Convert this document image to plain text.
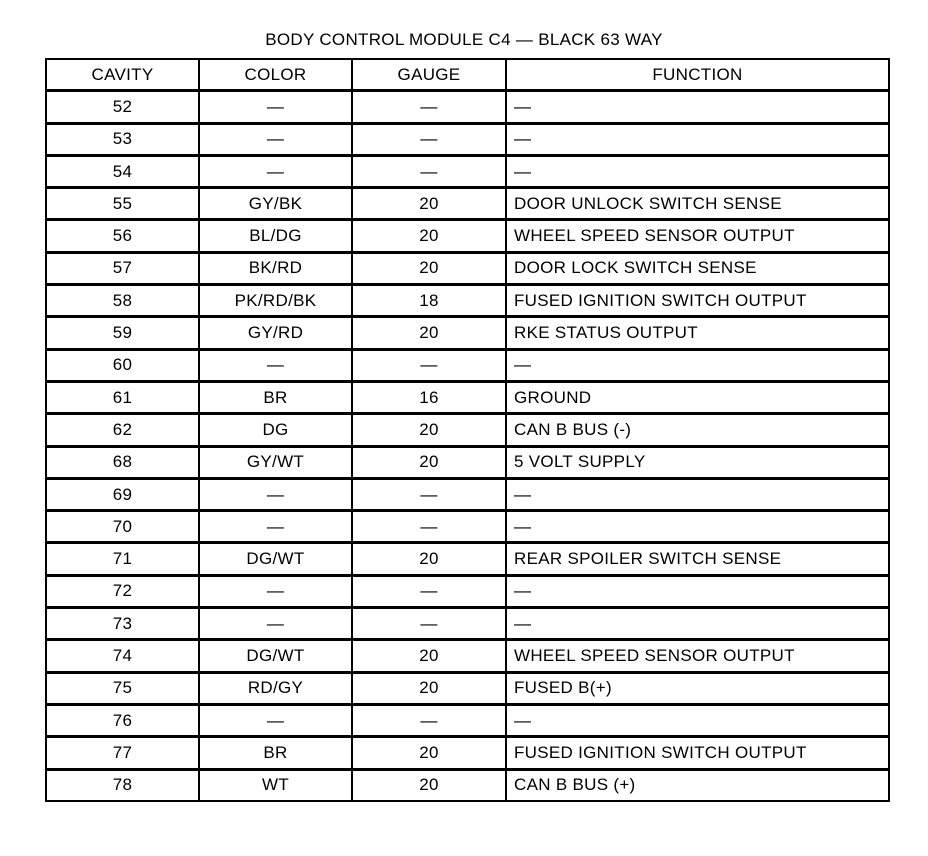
BODY CONTROL MODULE C4 — BLACK 63 WAY
CAVITY	COLOR	GAUGE	FUNCTION
52	—	—	—
53	—	—	—
54	—	—	—
55	GY/BK	20	DOOR UNLOCK SWITCH SENSE
56	BL/DG	20	WHEEL SPEED SENSOR OUTPUT
57	BK/RD	20	DOOR LOCK SWITCH SENSE
58	PK/RD/BK	18	FUSED IGNITION SWITCH OUTPUT
59	GY/RD	20	RKE STATUS OUTPUT
60	—	—	—
61	BR	16	GROUND
62	DG	20	CAN B BUS (-)
68	GY/WT	20	5 VOLT SUPPLY
69	—	—	—
70	—	—	—
71	DG/WT	20	REAR SPOILER SWITCH SENSE
72	—	—	—
73	—	—	—
74	DG/WT	20	WHEEL SPEED SENSOR OUTPUT
75	RD/GY	20	FUSED B(+)
76	—	—	—
77	BR	20	FUSED IGNITION SWITCH OUTPUT
78	WT	20	CAN B BUS (+)
